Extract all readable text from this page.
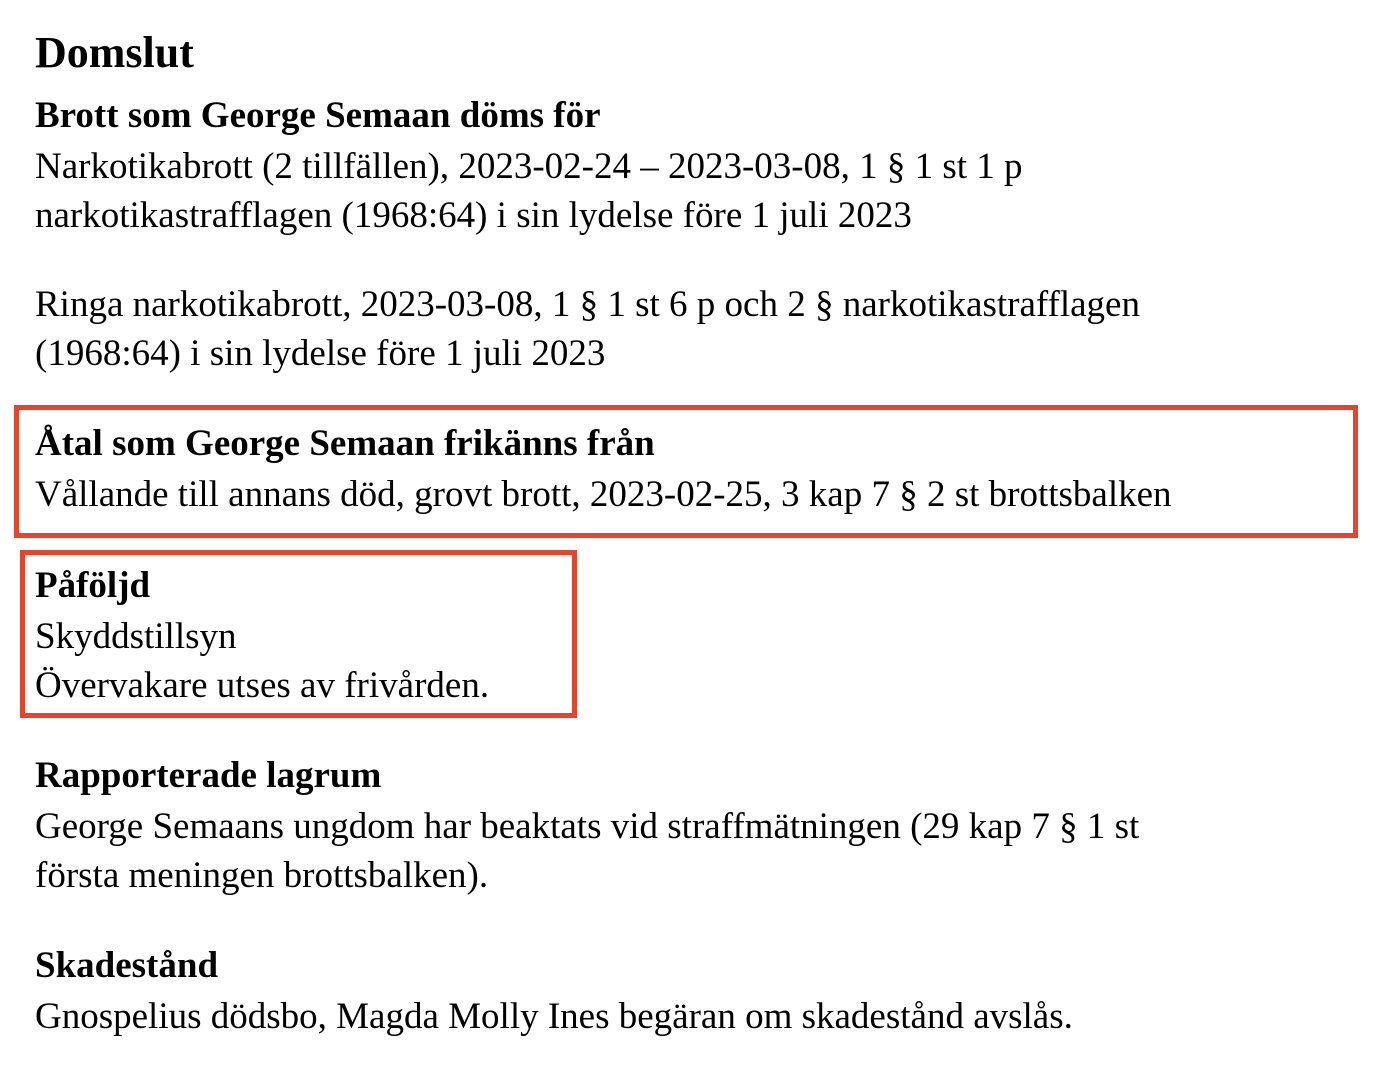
Domslut
Brott som George Semaan döms för

Narkotikabrott (2 tillfällen), 2023-02-24 – 2023-03-08, 1 § 1 st 1 p
narkotikastrafflagen (1968:64) i sin lydelse före 1 juli 2023

Ringa narkotikabrott, 2023-03-08, 1 § 1 st 6 p och 2 § narkotikastrafflagen
(1968:64) i sin lydelse före 1 juli 2023

Åtal som George Semaan frikänns från

Vållande till annans död, grovt brott, 2023-02-25, 3 kap 7 § 2 st brottsbalken

Påföljd

Skyddstillsyn
Övervakare utses av frivården.

Rapporterade lagrum

George Semaans ungdom har beaktats vid straffmätningen (29 kap 7 § 1 st
första meningen brottsbalken).

Skadestånd

Gnospelius dödsbo, Magda Molly Ines begäran om skadestånd avslås.
